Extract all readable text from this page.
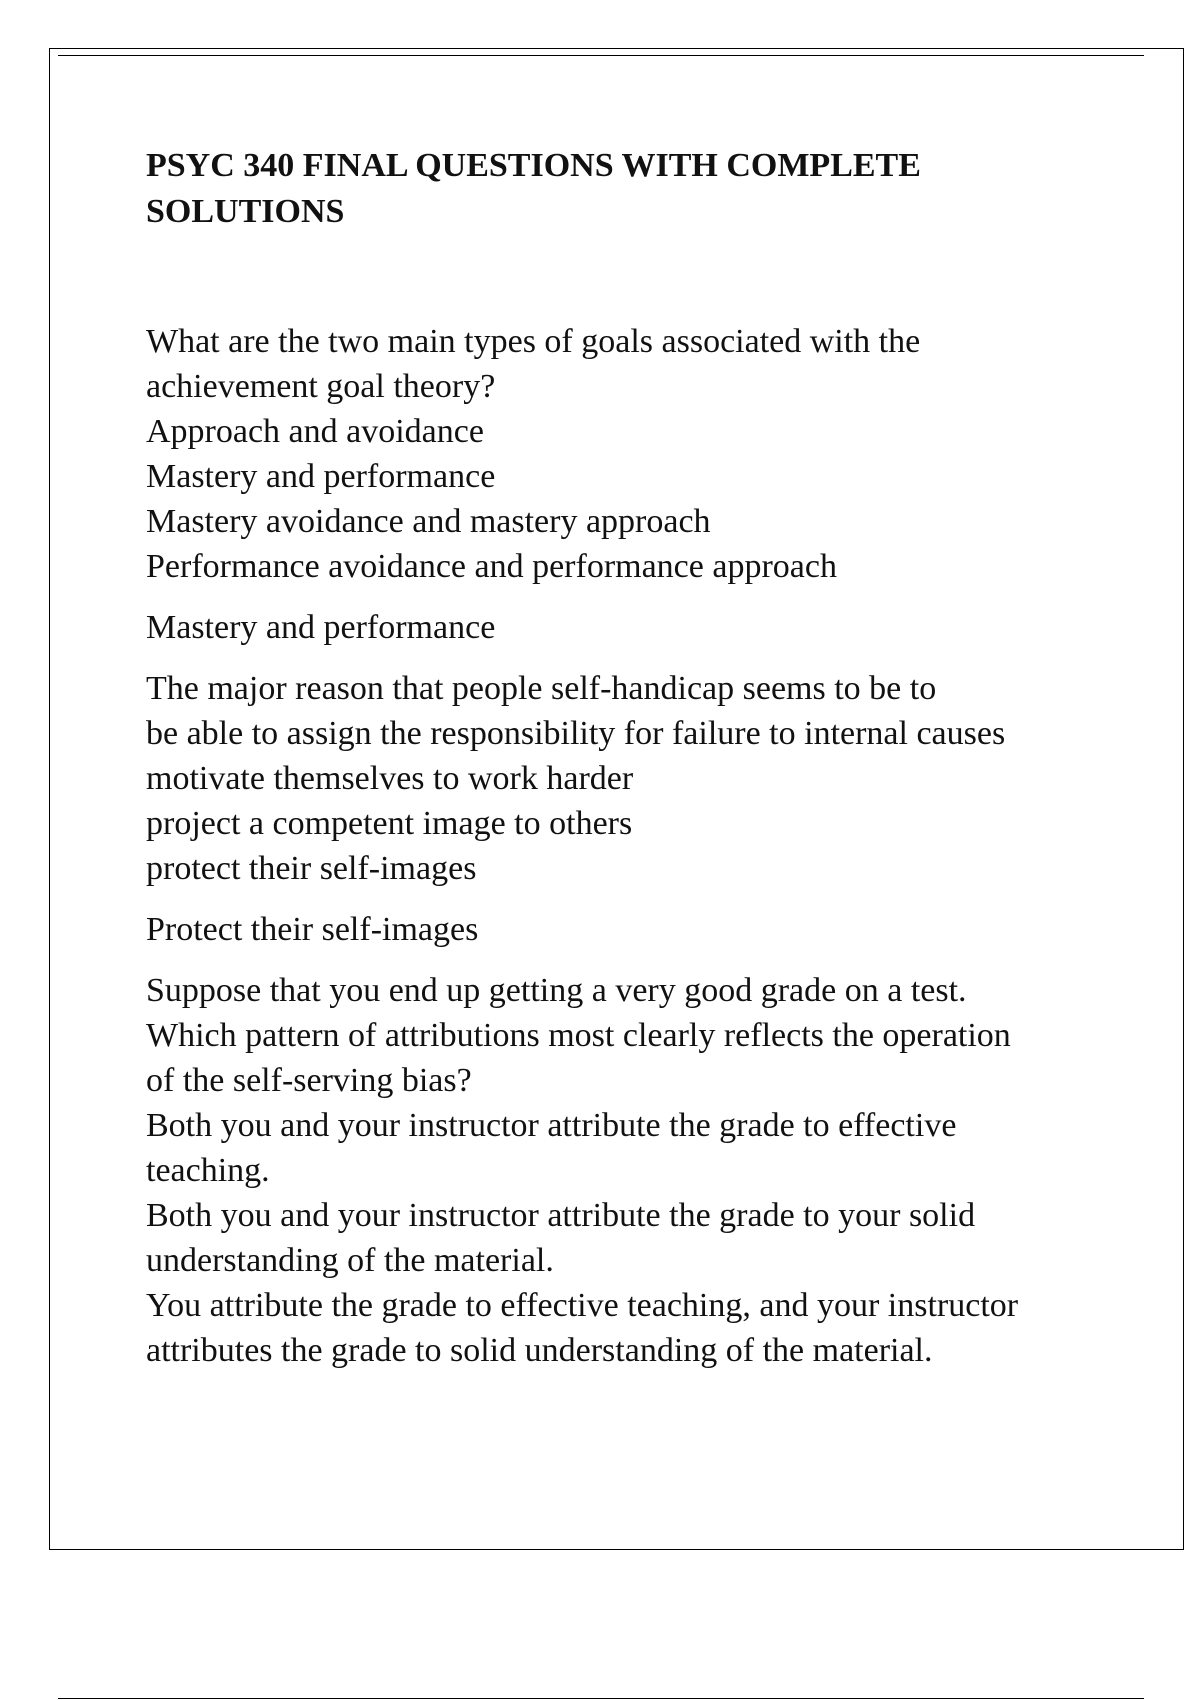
PSYC 340 FINAL QUESTIONS WITH COMPLETE
SOLUTIONS

What are the two main types of goals associated with the

achievement goal theory?

Approach and avoidance

Mastery and performance

Mastery avoidance and mastery approach

Performance avoidance and performance approach

Mastery and performance

The major reason that people self-handicap seems to be to

be able to assign the responsibility for failure to internal causes

motivate themselves to work harder

project a competent image to others

protect their self-images

Protect their self-images

Suppose that you end up getting a very good grade on a test.

Which pattern of attributions most clearly reflects the operation

of the self-serving bias?

Both you and your instructor attribute the grade to effective

teaching.

Both you and your instructor attribute the grade to your solid

understanding of the material.

You attribute the grade to effective teaching, and your instructor

attributes the grade to solid understanding of the material.
